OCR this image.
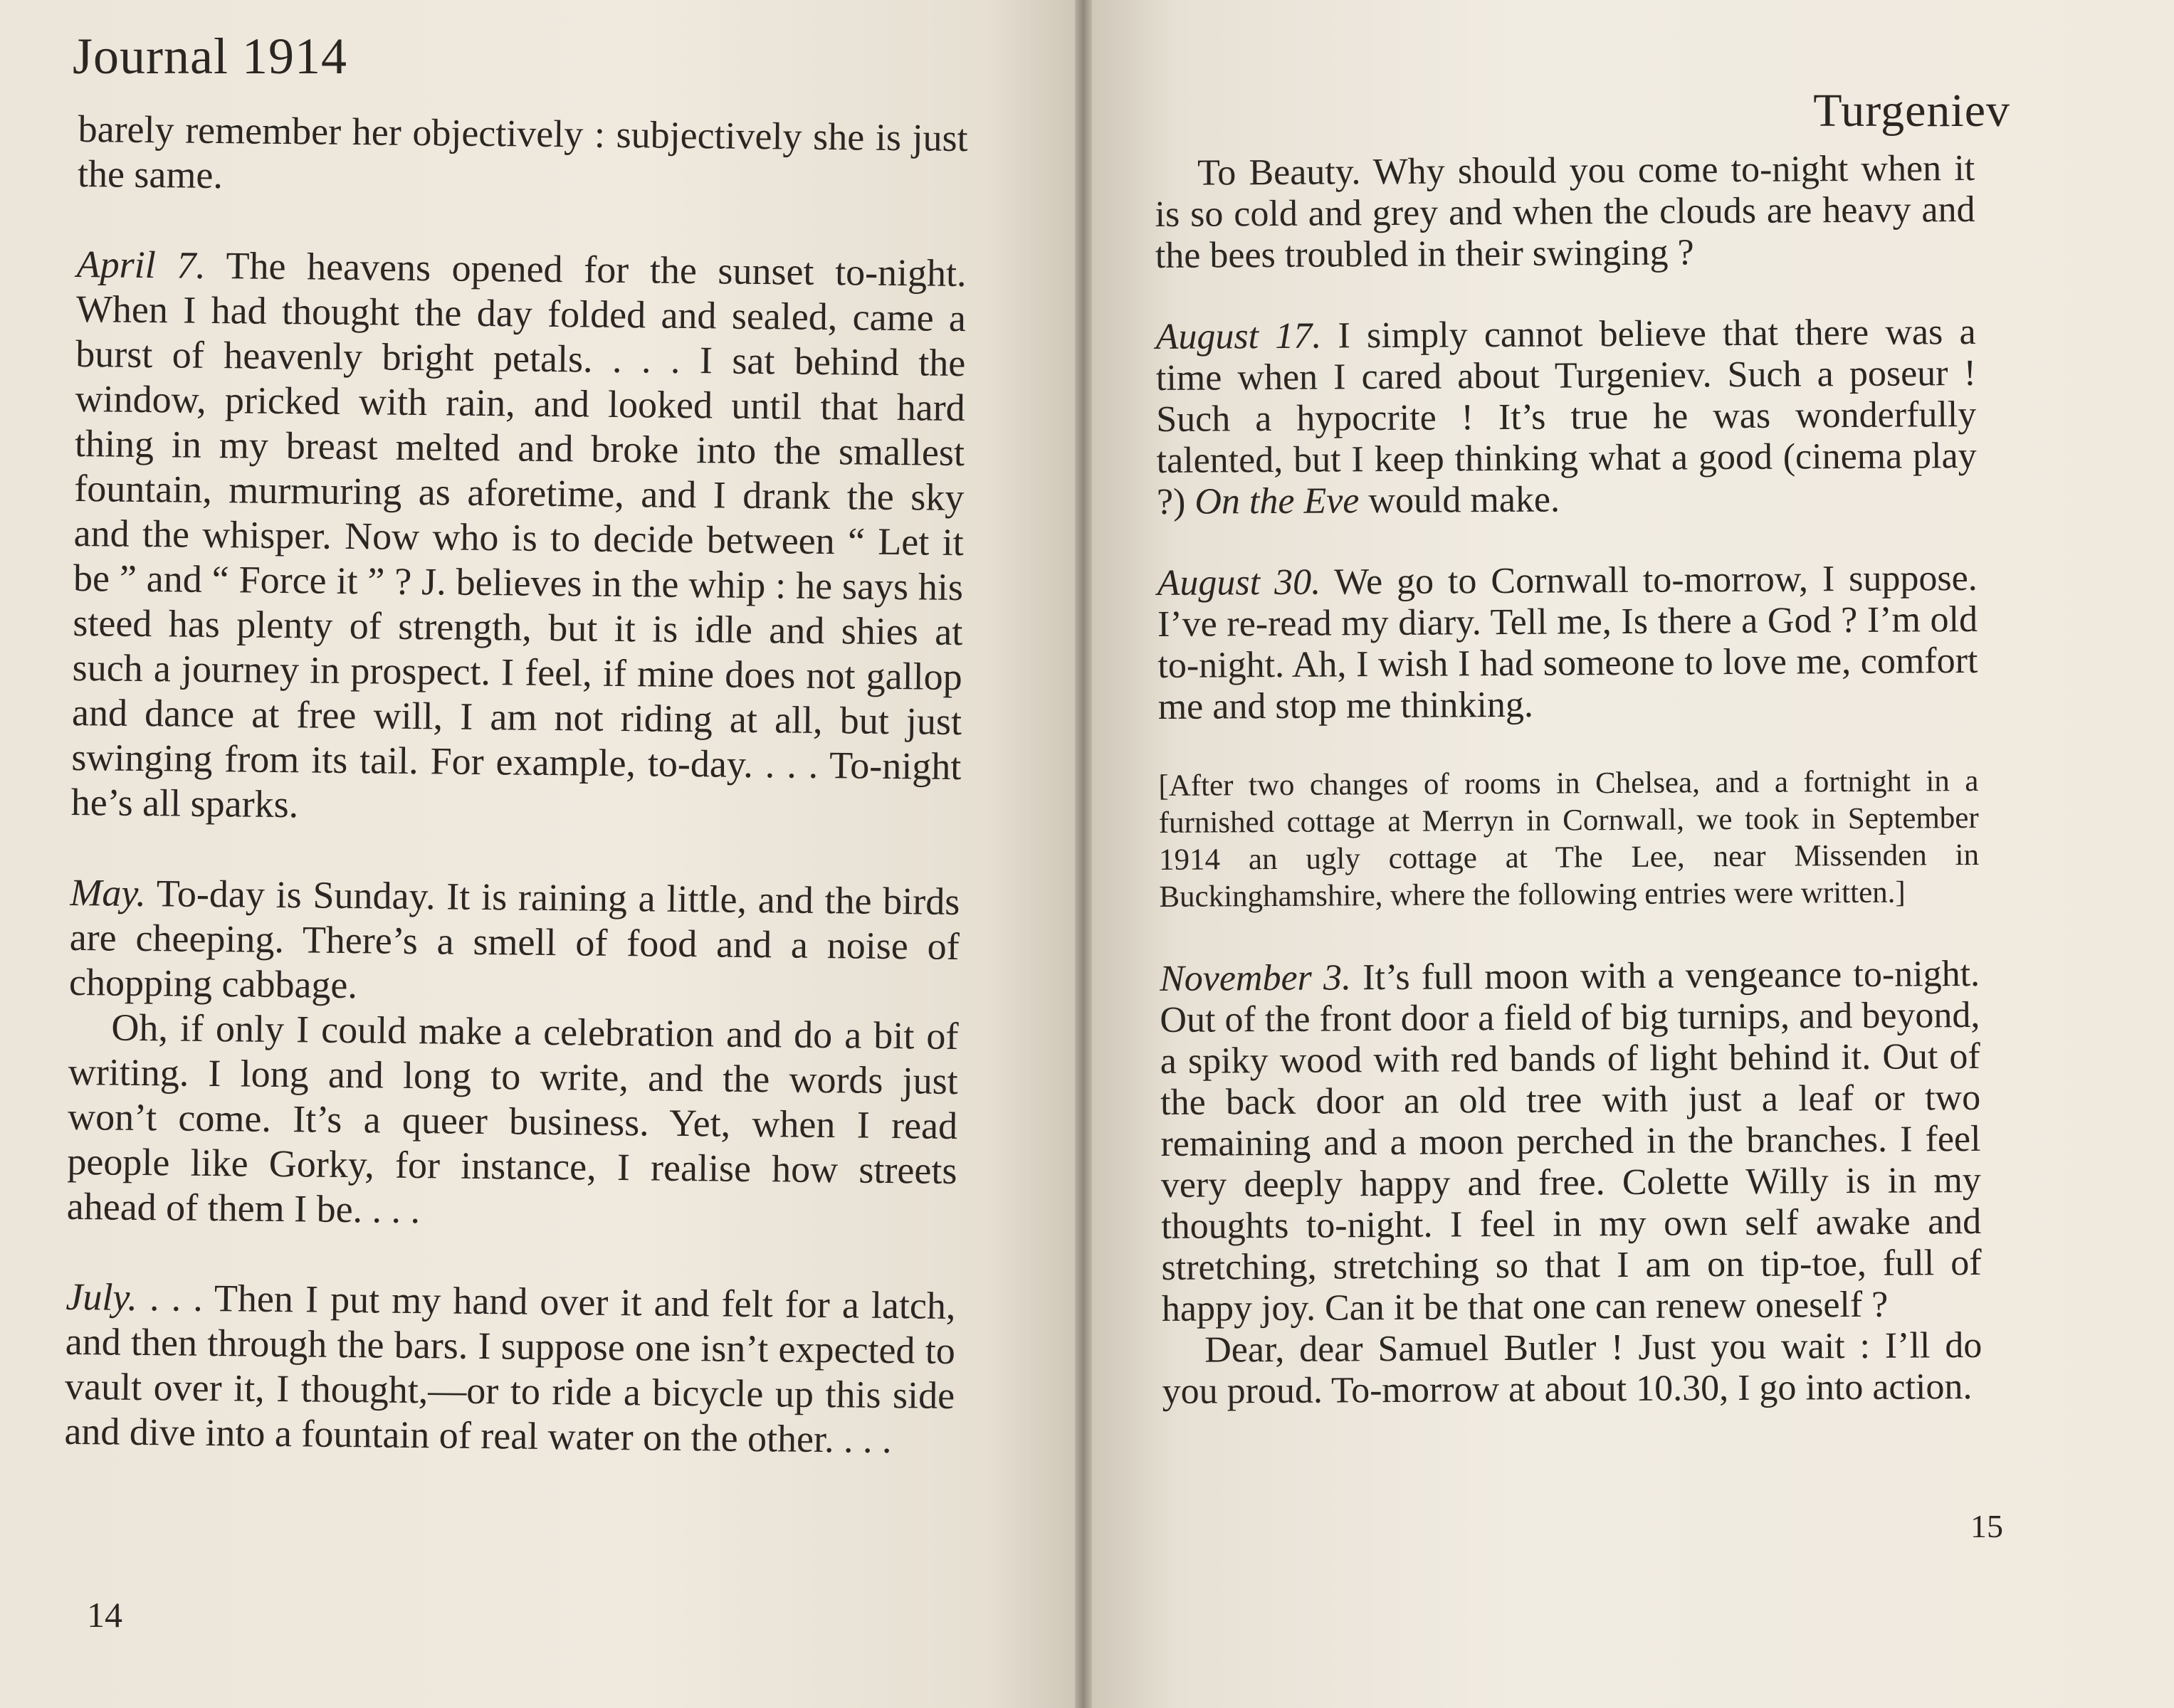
Journal 1914

barely remember her objectively : subjectively she is just the same.

April 7. The heavens opened for the sunset to-night. When I had thought the day folded and sealed, came a burst of heavenly bright petals. . . . I sat behind the window, pricked with rain, and looked until that hard thing in my breast melted and broke into the smallest fountain, murmuring as aforetime, and I drank the sky and the whisper. Now who is to decide between “ Let it be ” and “ Force it ” ? J. believes in the whip : he says his steed has plenty of strength, but it is idle and shies at such a journey in prospect. I feel, if mine does not gallop and dance at free will, I am not riding at all, but just swinging from its tail. For example, to-day. . . . To-night he’s all sparks.

May. To-day is Sunday. It is raining a little, and the birds are cheeping. There’s a smell of food and a noise of chopping cabbage.

Oh, if only I could make a celebration and do a bit of writing. I long and long to write, and the words just won’t come. It’s a queer business. Yet, when I read people like Gorky, for instance, I realise how streets ahead of them I be. . . .

July. . . . Then I put my hand over it and felt for a latch, and then through the bars. I suppose one isn’t expected to vault over it, I thought,—or to ride a bicycle up this side and dive into a fountain of real water on the other. . . .

14
Turgeniev

To Beauty. Why should you come to-night when it is so cold and grey and when the clouds are heavy and the bees troubled in their swinging ?

August 17. I simply cannot believe that there was a time when I cared about Turgeniev. Such a poseur ! Such a hypocrite ! It’s true he was wonderfully talented, but I keep thinking what a good (cinema play ?) On the Eve would make.

August 30. We go to Cornwall to-morrow, I suppose. I’ve re-read my diary. Tell me, Is there a God ? I’m old to-night. Ah, I wish I had someone to love me, comfort me and stop me thinking.

[After two changes of rooms in Chelsea, and a fortnight in a furnished cottage at Merryn in Cornwall, we took in September 1914 an ugly cottage at The Lee, near Missenden in Buckinghamshire, where the following entries were written.]

November 3. It’s full moon with a vengeance to-night. Out of the front door a field of big turnips, and beyond, a spiky wood with red bands of light behind it. Out of the back door an old tree with just a leaf or two remaining and a moon perched in the branches. I feel very deeply happy and free. Colette Willy is in my thoughts to-night. I feel in my own self awake and stretching, stretching so that I am on tip-toe, full of happy joy. Can it be that one can renew oneself ?

Dear, dear Samuel Butler ! Just you wait : I’ll do you proud. To-morrow at about 10.30, I go into action.

15
